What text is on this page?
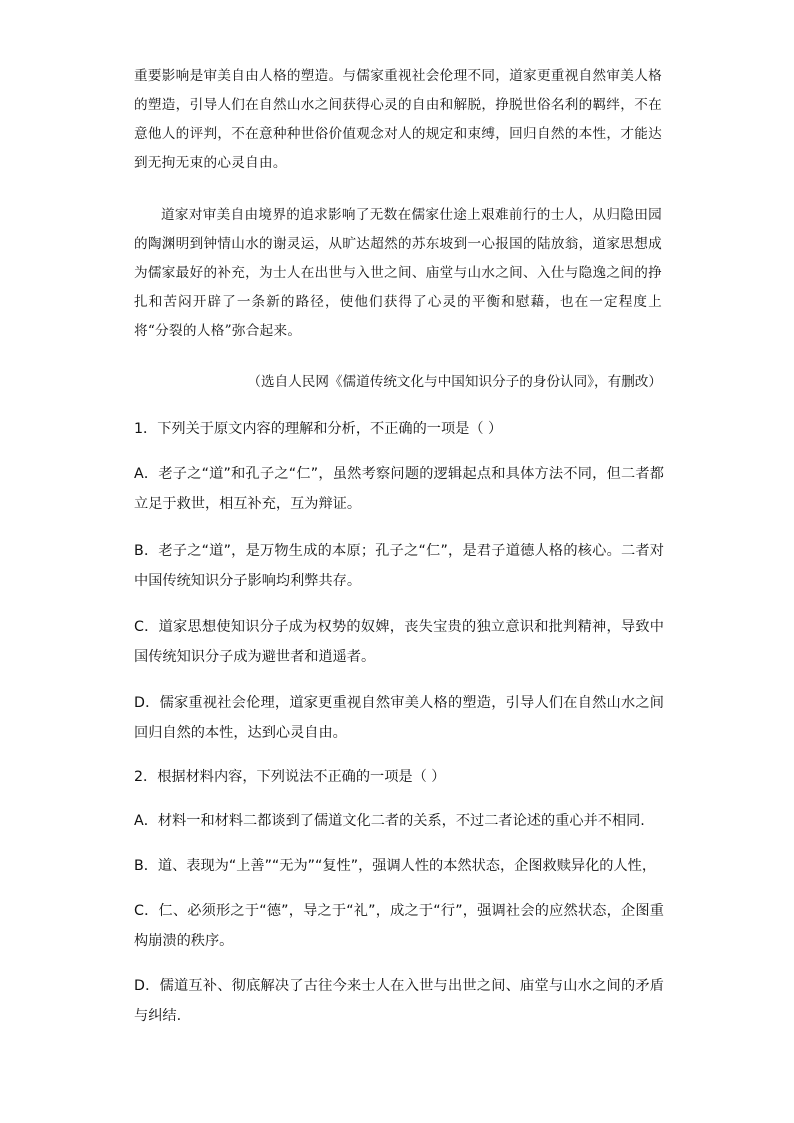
重要影响是审美自由人格的塑造。与儒家重视社会伦理不同，道家更重视自然审美人格的塑造，引导人们在自然山水之间获得心灵的自由和解脱，挣脱世俗名利的羁绊，不在意他人的评判，不在意种种世俗价值观念对人的规定和束缚，回归自然的本性，才能达到无拘无束的心灵自由。

道家对审美自由境界的追求影响了无数在儒家仕途上艰难前行的士人，从归隐田园的陶渊明到钟情山水的谢灵运，从旷达超然的苏东坡到一心报国的陆放翁，道家思想成为儒家最好的补充，为士人在出世与入世之间、庙堂与山水之间、入仕与隐逸之间的挣扎和苦闷开辟了一条新的路径，使他们获得了心灵的平衡和慰藉，也在一定程度上将“分裂的人格”弥合起来。

（选自人民网《儒道传统文化与中国知识分子的身份认同》，有删改）

1．下列关于原文内容的理解和分析，不正确的一项是（ ）

A．老子之“道”和孔子之“仁”，虽然考察问题的逻辑起点和具体方法不同，但二者都立足于救世，相互补充，互为辩证。

B．老子之“道”，是万物生成的本原；孔子之“仁”，是君子道德人格的核心。二者对中国传统知识分子影响均利弊共存。

C．道家思想使知识分子成为权势的奴婢，丧失宝贵的独立意识和批判精神，导致中国传统知识分子成为避世者和逍遥者。

D．儒家重视社会伦理，道家更重视自然审美人格的塑造，引导人们在自然山水之间回归自然的本性，达到心灵自由。

2．根据材料内容，下列说法不正确的一项是（ ）

A．材料一和材料二都谈到了儒道文化二者的关系，不过二者论述的重心并不相同.

B．道、表现为“上善”“无为”“复性”，强调人性的本然状态，企图救赎异化的人性，

C．仁、必须形之于“德”，导之于“礼”，成之于“行”，强调社会的应然状态，企图重构崩溃的秩序。

D．儒道互补、彻底解决了古往今来士人在入世与出世之间、庙堂与山水之间的矛盾与纠结.
